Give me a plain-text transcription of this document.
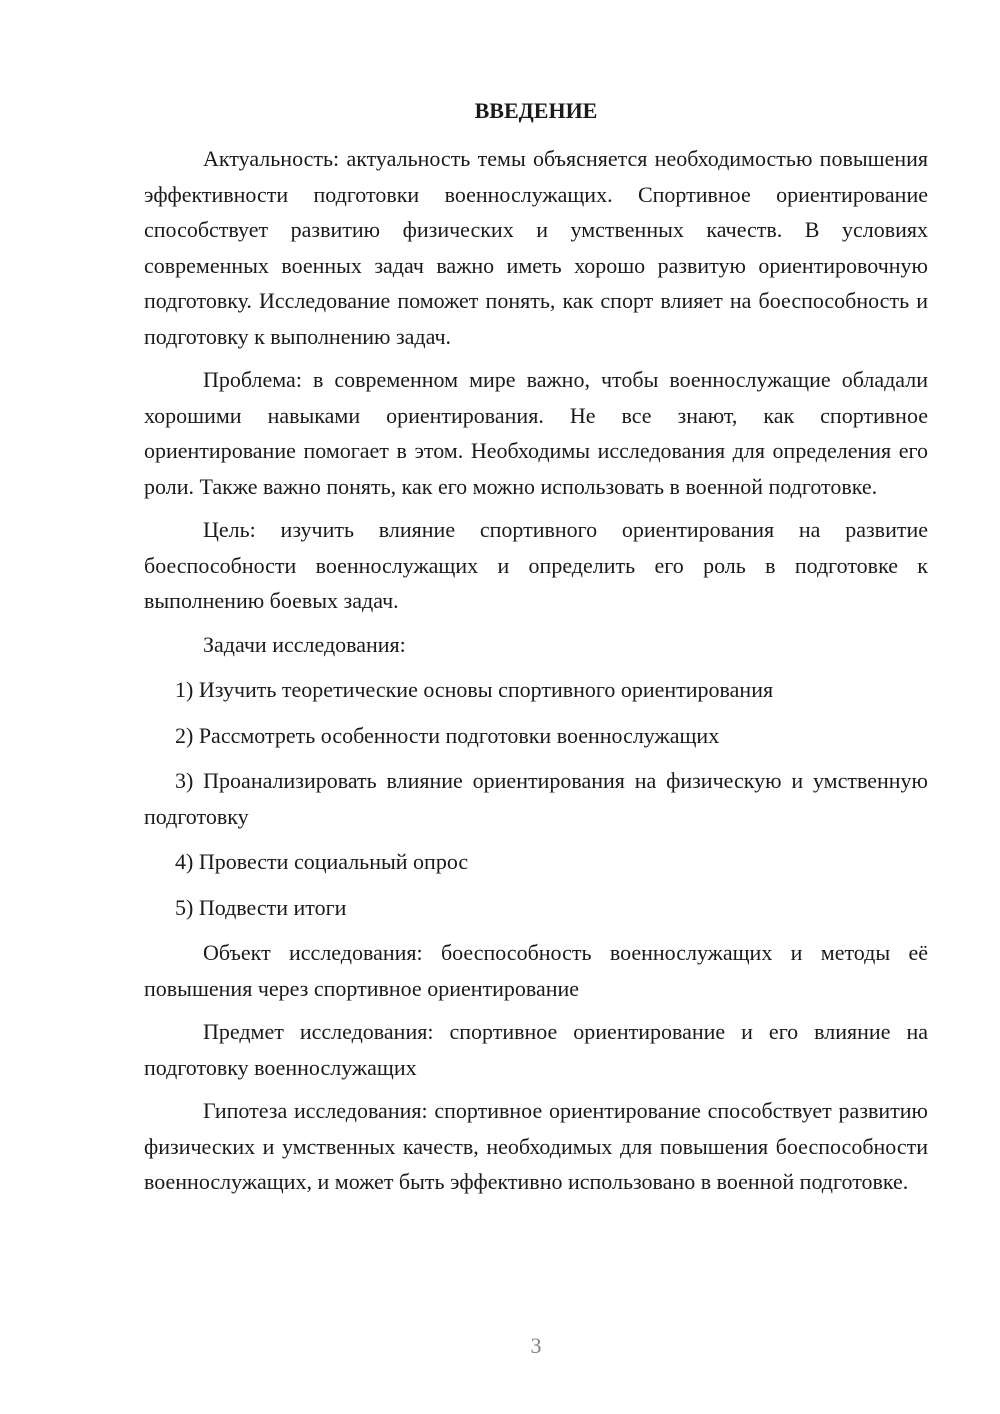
ВВЕДЕНИЕ

Актуальность: актуальность темы объясняется необходимостью повышения эффективности подготовки военнослужащих. Спортивное ориентирование способствует развитию физических и умственных качеств. В условиях современных военных задач важно иметь хорошо развитую ориентировочную подготовку. Исследование поможет понять, как спорт влияет на боеспособность и подготовку к выполнению задач.

Проблема: в современном мире важно, чтобы военнослужащие обладали хорошими навыками ориентирования. Не все знают, как спортивное ориентирование помогает в этом. Необходимы исследования для определения его роли. Также важно понять, как его можно использовать в военной подготовке.

Цель: изучить влияние спортивного ориентирования на развитие боеспособности военнослужащих и определить его роль в подготовке к выполнению боевых задач.

Задачи исследования:

1) Изучить теоретические основы спортивного ориентирования

2) Рассмотреть особенности подготовки военнослужащих

3) Проанализировать влияние ориентирования на физическую и умственную подготовку

4) Провести социальный опрос

5) Подвести итоги

Объект исследования: боеспособность военнослужащих и методы её повышения через спортивное ориентирование

Предмет исследования: спортивное ориентирование и его влияние на подготовку военнослужащих

Гипотеза исследования: спортивное ориентирование способствует развитию физических и умственных качеств, необходимых для повышения боеспособности военнослужащих, и может быть эффективно использовано в военной подготовке.

3
